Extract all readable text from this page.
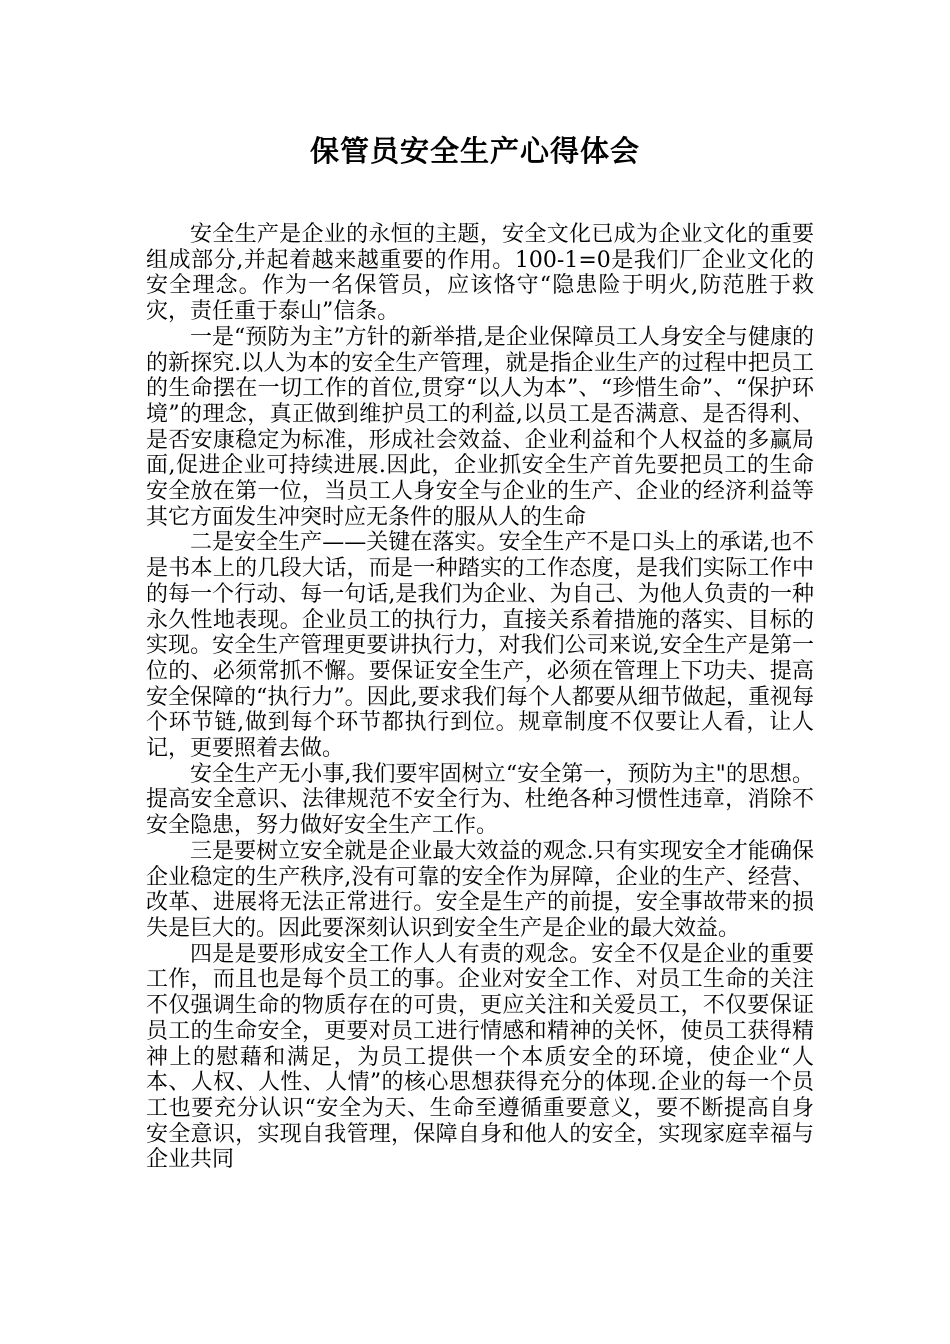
保管员安全生产心得体会

安全生产是企业的永恒的主题，安全文化已成为企业文化的重要组成部分,并起着越来越重要的作用。100-1=0是我们厂企业文化的安全理念。作为一名保管员，应该恪守“隐患险于明火,防范胜于救灾，责任重于泰山”信条。

一是“预防为主”方针的新举措,是企业保障员工人身安全与健康的的新探究.以人为本的安全生产管理，就是指企业生产的过程中把员工的生命摆在一切工作的首位,贯穿“以人为本”、“珍惜生命”、“保护环境”的理念，真正做到维护员工的利益,以员工是否满意、是否得利、是否安康稳定为标准，形成社会效益、企业利益和个人权益的多赢局面,促进企业可持续进展.因此，企业抓安全生产首先要把员工的生命安全放在第一位，当员工人身安全与企业的生产、企业的经济利益等其它方面发生冲突时应无条件的服从人的生命

二是安全生产——关键在落实。安全生产不是口头上的承诺,也不是书本上的几段大话，而是一种踏实的工作态度，是我们实际工作中的每一个行动、每一句话,是我们为企业、为自己、为他人负责的一种永久性地表现。企业员工的执行力，直接关系着措施的落实、目标的实现。安全生产管理更要讲执行力，对我们公司来说,安全生产是第一位的、必须常抓不懈。要保证安全生产，必须在管理上下功夫、提高安全保障的“执行力”。因此,要求我们每个人都要从细节做起，重视每个环节链,做到每个环节都执行到位。规章制度不仅要让人看，让人记，更要照着去做。

安全生产无小事,我们要牢固树立“安全第一，预防为主"的思想。提高安全意识、法律规范不安全行为、杜绝各种习惯性违章，消除不安全隐患，努力做好安全生产工作。

三是要树立安全就是企业最大效益的观念.只有实现安全才能确保企业稳定的生产秩序,没有可靠的安全作为屏障，企业的生产、经营、改革、进展将无法正常进行。安全是生产的前提，安全事故带来的损失是巨大的。因此要深刻认识到安全生产是企业的最大效益。

四是是要形成安全工作人人有责的观念。安全不仅是企业的重要工作，而且也是每个员工的事。企业对安全工作、对员工生命的关注不仅强调生命的物质存在的可贵，更应关注和关爱员工，不仅要保证员工的生命安全，更要对员工进行情感和精神的关怀，使员工获得精神上的慰藉和满足，为员工提供一个本质安全的环境，使企业“人本、人权、人性、人情”的核心思想获得充分的体现.企业的每一个员工也要充分认识“安全为天、生命至遵循重要意义，要不断提高自身安全意识，实现自我管理，保障自身和他人的安全，实现家庭幸福与企业共同
